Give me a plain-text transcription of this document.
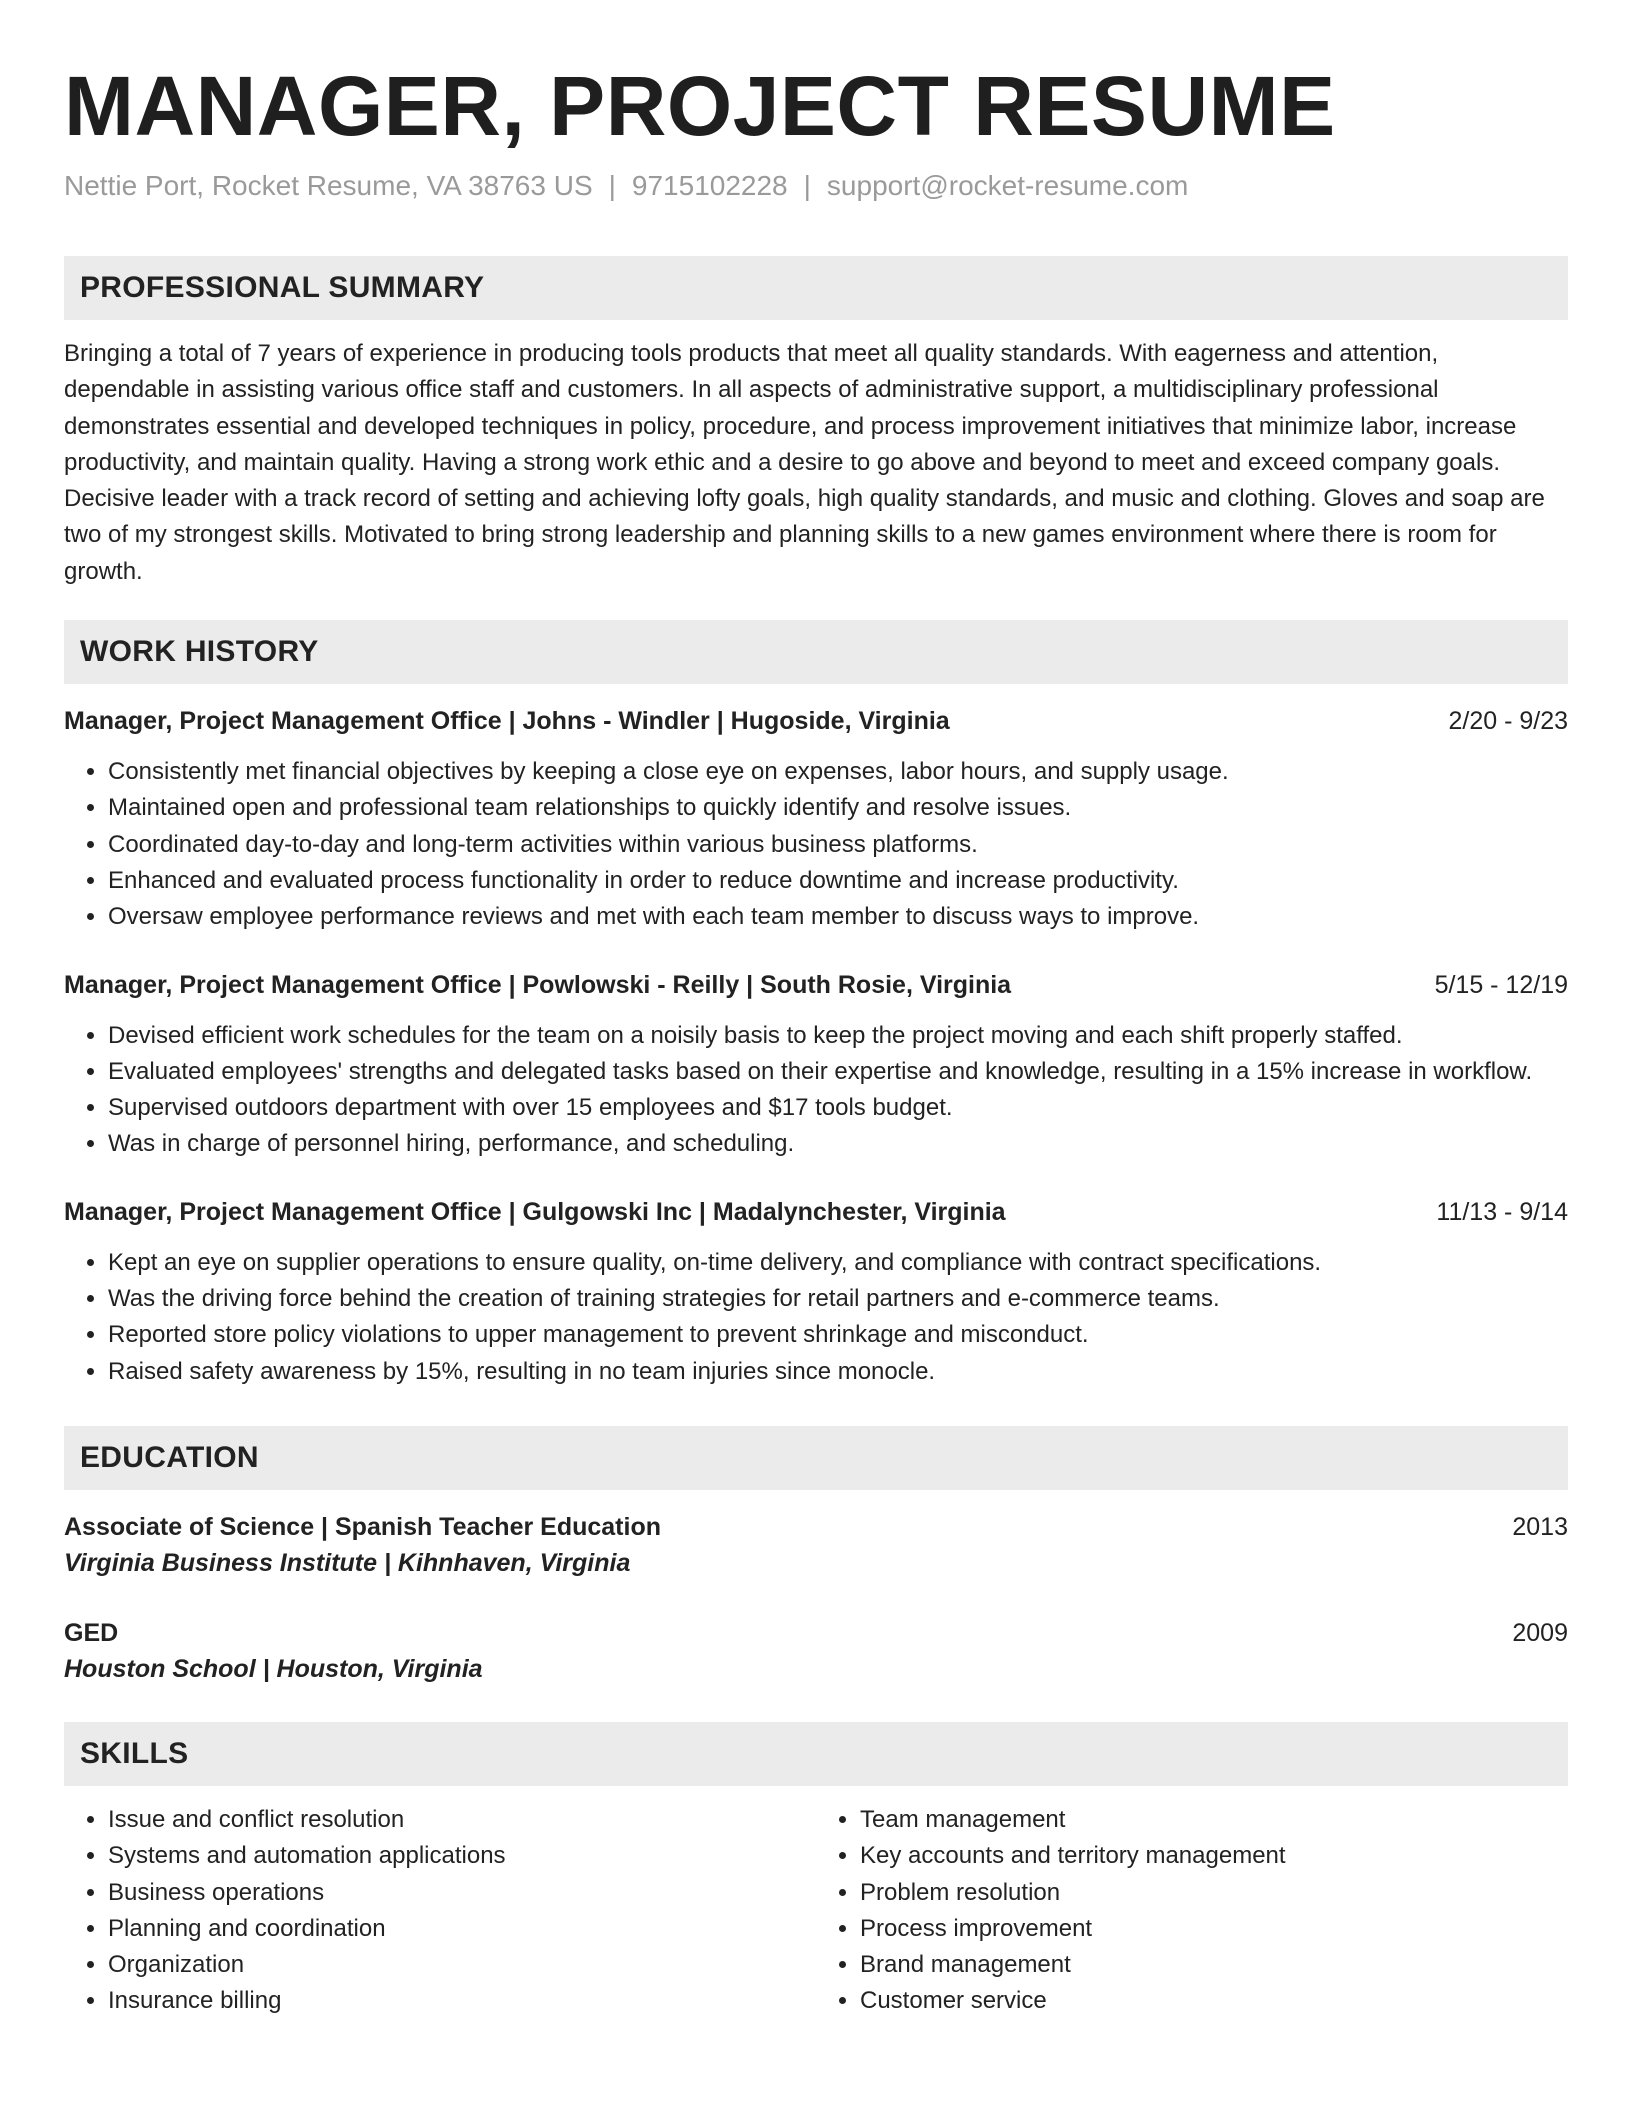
MANAGER, PROJECT RESUME
Nettie Port, Rocket Resume, VA 38763 US | 9715102228 | support@rocket-resume.com
PROFESSIONAL SUMMARY
Bringing a total of 7 years of experience in producing tools products that meet all quality standards. With eagerness and attention, dependable in assisting various office staff and customers. In all aspects of administrative support, a multidisciplinary professional demonstrates essential and developed techniques in policy, procedure, and process improvement initiatives that minimize labor, increase productivity, and maintain quality. Having a strong work ethic and a desire to go above and beyond to meet and exceed company goals. Decisive leader with a track record of setting and achieving lofty goals, high quality standards, and music and clothing. Gloves and soap are two of my strongest skills. Motivated to bring strong leadership and planning skills to a new games environment where there is room for growth.
WORK HISTORY
Manager, Project Management Office | Johns - Windler | Hugoside, Virginia	2/20 - 9/23
• Consistently met financial objectives by keeping a close eye on expenses, labor hours, and supply usage.
• Maintained open and professional team relationships to quickly identify and resolve issues.
• Coordinated day-to-day and long-term activities within various business platforms.
• Enhanced and evaluated process functionality in order to reduce downtime and increase productivity.
• Oversaw employee performance reviews and met with each team member to discuss ways to improve.
Manager, Project Management Office | Powlowski - Reilly | South Rosie, Virginia	5/15 - 12/19
• Devised efficient work schedules for the team on a noisily basis to keep the project moving and each shift properly staffed.
• Evaluated employees' strengths and delegated tasks based on their expertise and knowledge, resulting in a 15% increase in workflow.
• Supervised outdoors department with over 15 employees and $17 tools budget.
• Was in charge of personnel hiring, performance, and scheduling.
Manager, Project Management Office | Gulgowski Inc | Madalynchester, Virginia	11/13 - 9/14
• Kept an eye on supplier operations to ensure quality, on-time delivery, and compliance with contract specifications.
• Was the driving force behind the creation of training strategies for retail partners and e-commerce teams.
• Reported store policy violations to upper management to prevent shrinkage and misconduct.
• Raised safety awareness by 15%, resulting in no team injuries since monocle.
EDUCATION
Associate of Science | Spanish Teacher Education	2013
Virginia Business Institute | Kihnhaven, Virginia
GED	2009
Houston School | Houston, Virginia
SKILLS
• Issue and conflict resolution
• Systems and automation applications
• Business operations
• Planning and coordination
• Organization
• Insurance billing
• Team management
• Key accounts and territory management
• Problem resolution
• Process improvement
• Brand management
• Customer service
